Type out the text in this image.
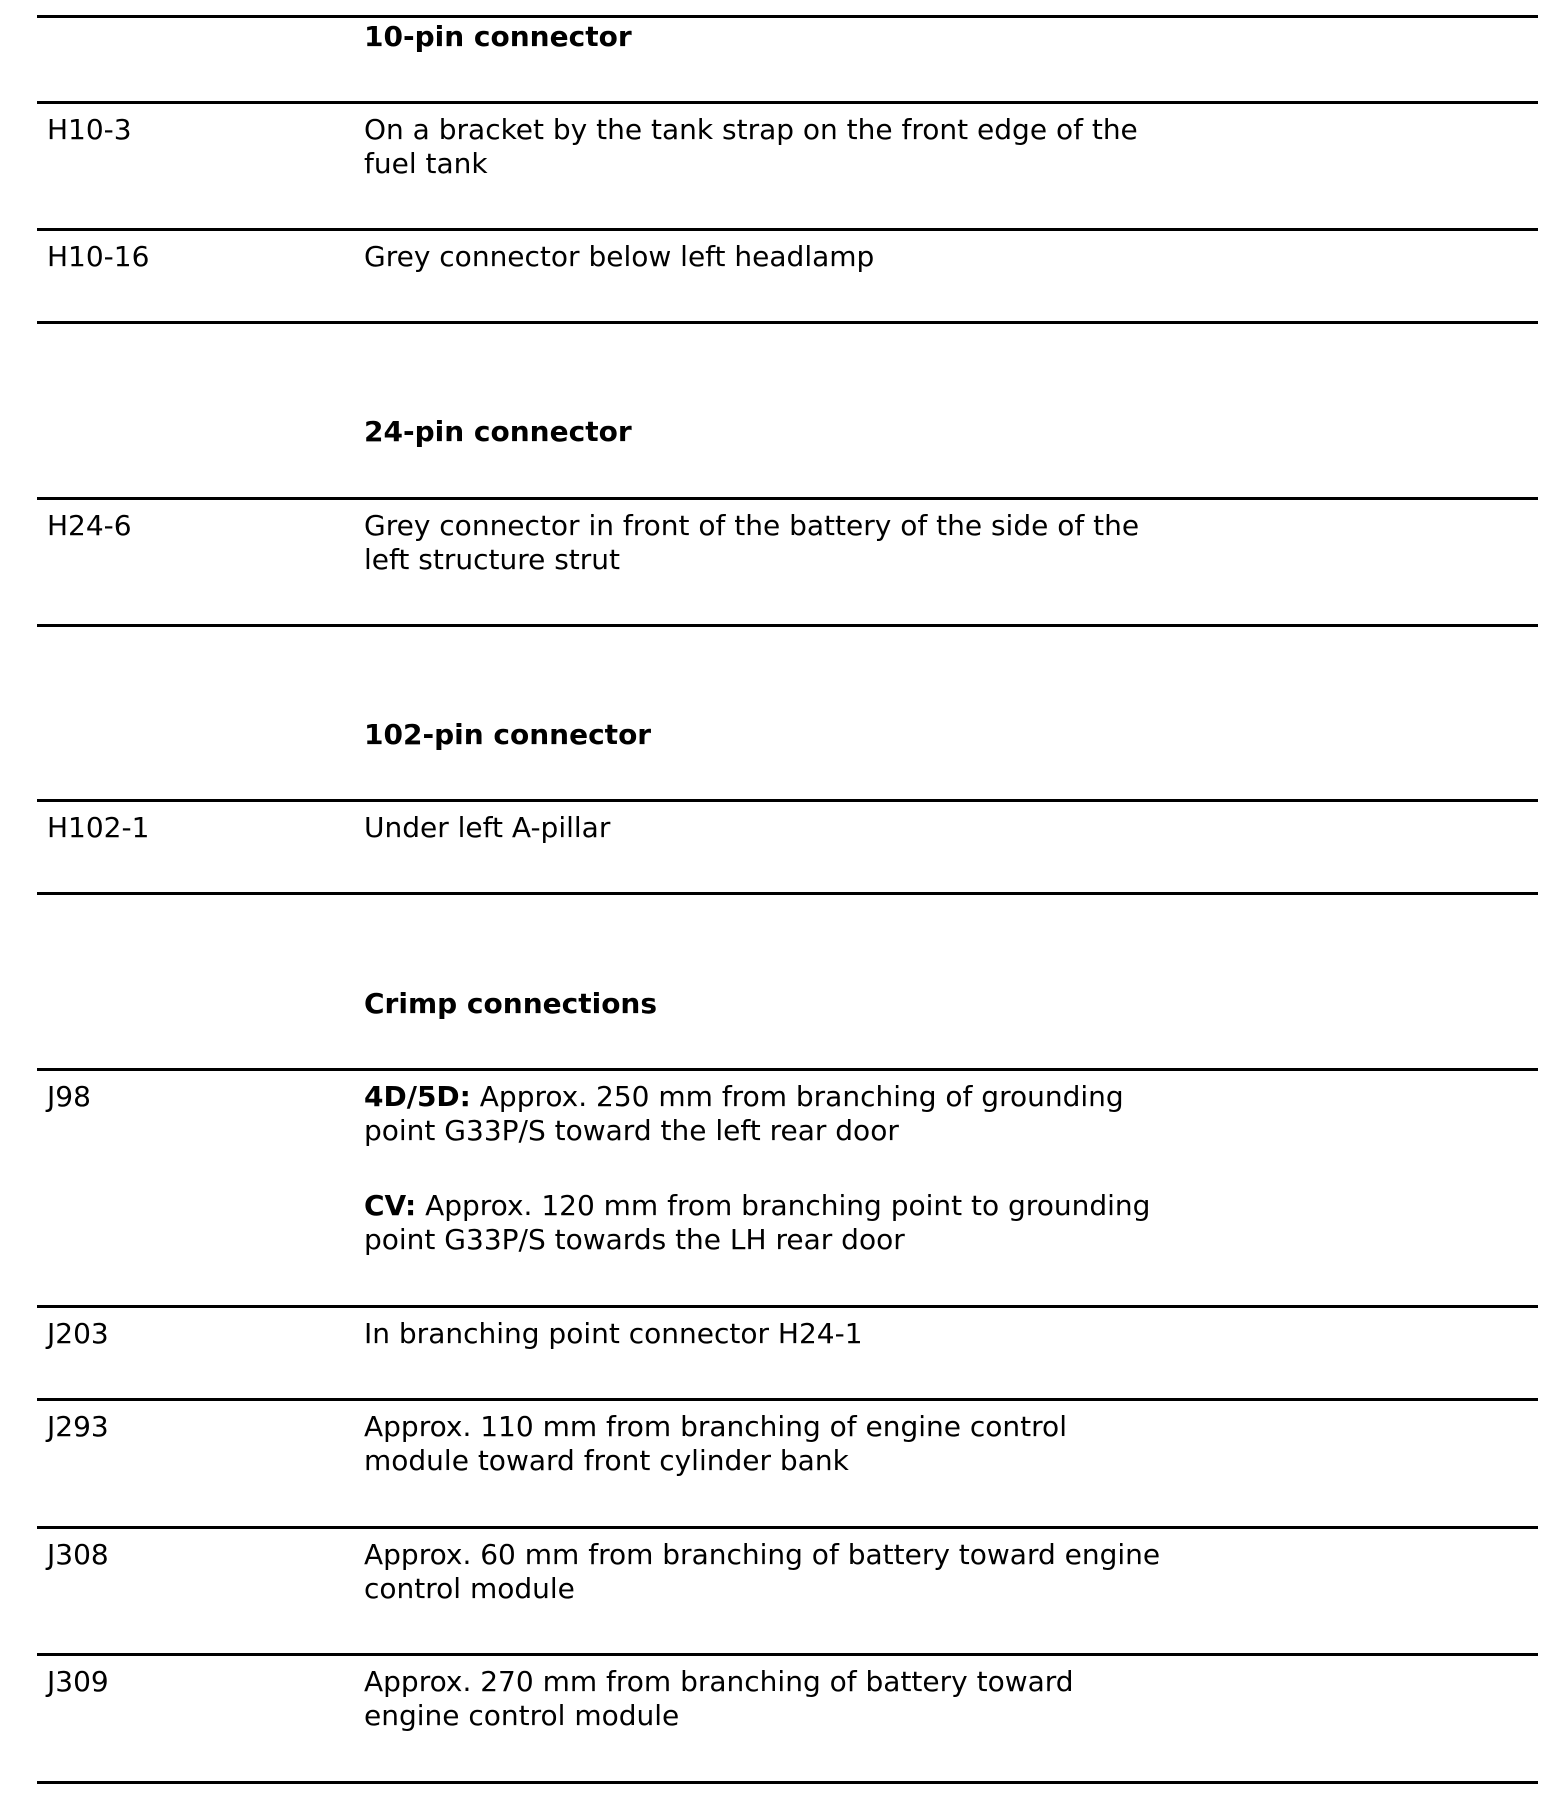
10-pin connector
H10-3	On a bracket by the tank strap on the front edge of the
fuel tank
H10-16	Grey connector below left headlamp
24-pin connector
H24-6	Grey connector in front of the battery of the side of the
left structure strut
102-pin connector
H102-1	Under left A-pillar
Crimp connections
J98	4D/5D: Approx. 250 mm from branching of grounding
point G33P/S toward the left rear door
CV: Approx. 120 mm from branching point to grounding
point G33P/S towards the LH rear door
J203	In branching point connector H24-1
J293	Approx. 110 mm from branching of engine control
module toward front cylinder bank
J308	Approx. 60 mm from branching of battery toward engine
control module
J309	Approx. 270 mm from branching of battery toward
engine control module
